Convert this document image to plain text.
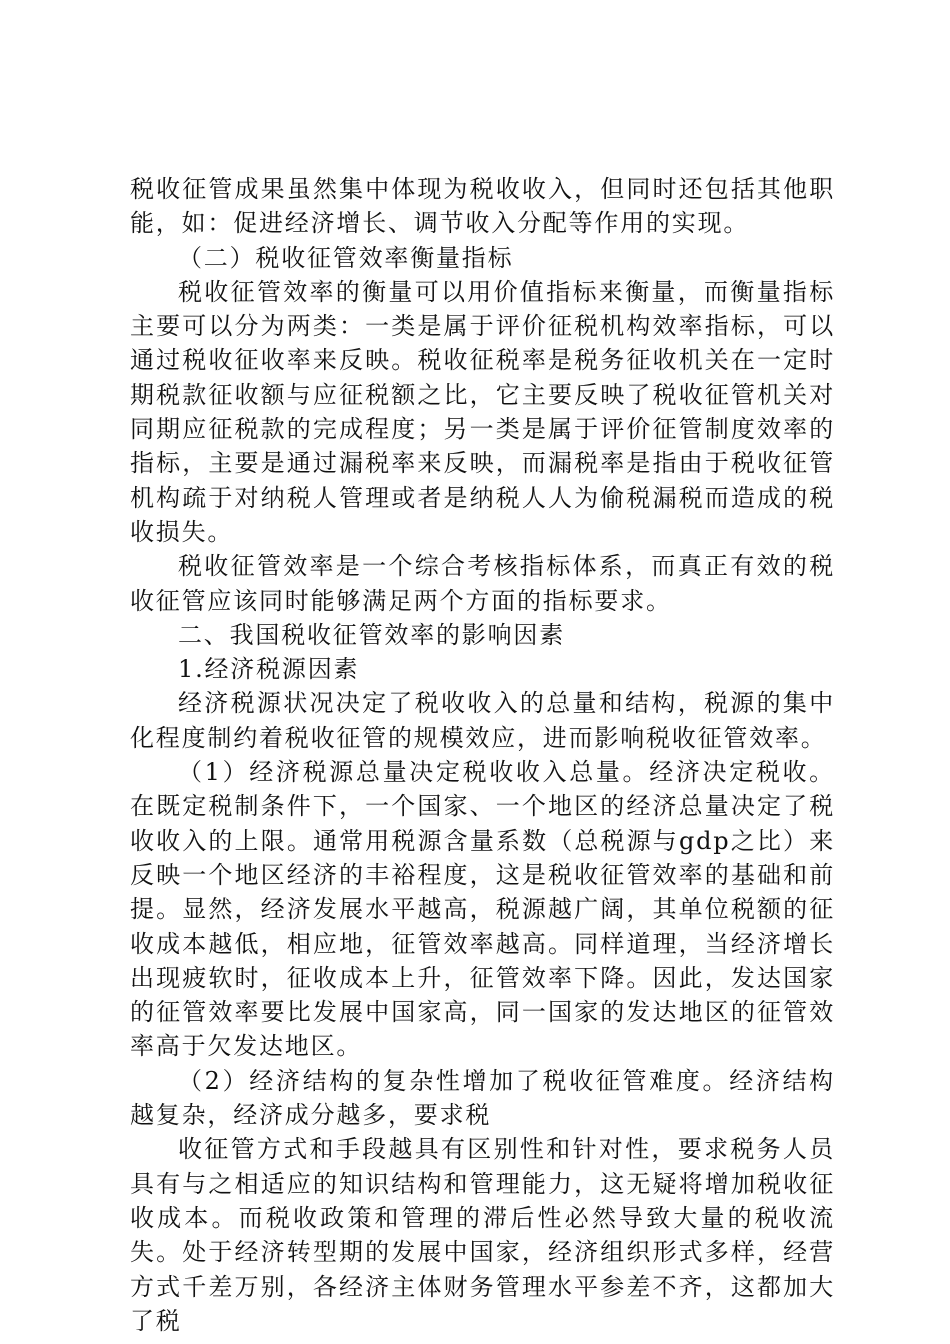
税收征管成果虽然集中体现为税收收入，但同时还包括其他职能，如：促进经济增长、调节收入分配等作用的实现。

（二）税收征管效率衡量指标

税收征管效率的衡量可以用价值指标来衡量，而衡量指标主要可以分为两类：一类是属于评价征税机构效率指标，可以通过税收征收率来反映。税收征税率是税务征收机关在一定时期税款征收额与应征税额之比，它主要反映了税收征管机关对同期应征税款的完成程度；另一类是属于评价征管制度效率的指标，主要是通过漏税率来反映，而漏税率是指由于税收征管机构疏于对纳税人管理或者是纳税人人为偷税漏税而造成的税收损失。

税收征管效率是一个综合考核指标体系，而真正有效的税收征管应该同时能够满足两个方面的指标要求。

二、我国税收征管效率的影响因素

1.经济税源因素

经济税源状况决定了税收收入的总量和结构，税源的集中化程度制约着税收征管的规模效应，进而影响税收征管效率。

（1）经济税源总量决定税收收入总量。经济决定税收。在既定税制条件下，一个国家、一个地区的经济总量决定了税收收入的上限。通常用税源含量系数（总税源与gdp之比）来反映一个地区经济的丰裕程度，这是税收征管效率的基础和前提。显然，经济发展水平越高，税源越广阔，其单位税额的征收成本越低，相应地，征管效率越高。同样道理，当经济增长出现疲软时，征收成本上升，征管效率下降。因此，发达国家的征管效率要比发展中国家高，同一国家的发达地区的征管效率高于欠发达地区。

（2）经济结构的复杂性增加了税收征管难度。经济结构越复杂，经济成分越多，要求税

收征管方式和手段越具有区别性和针对性，要求税务人员具有与之相适应的知识结构和管理能力，这无疑将增加税收征收成本。而税收政策和管理的滞后性必然导致大量的税收流失。处于经济转型期的发展中国家，经济组织形式多样，经营方式千差万别，各经济主体财务管理水平参差不齐，这都加大了税
